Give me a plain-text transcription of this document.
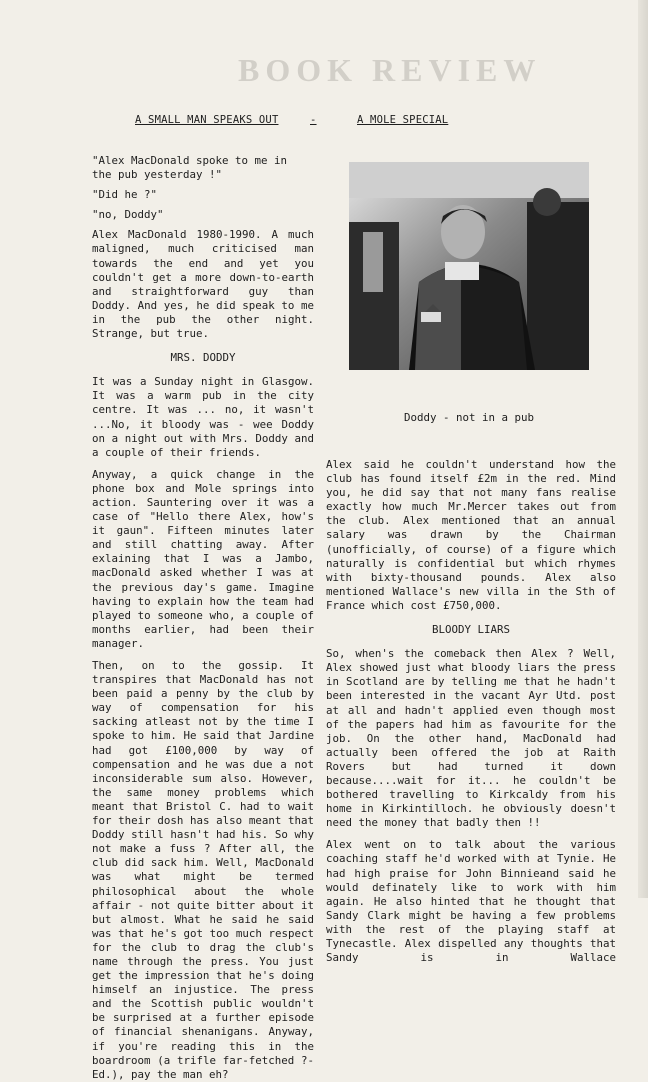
BOOK REVIEW
A SMALL MAN SPEAKS OUT	-	A MOLE SPECIAL

"Alex MacDonald spoke to me in the pub yesterday !"

"Did he ?"

"no, Doddy"

Alex MacDonald 1980-1990. A much maligned, much criticised man towards the end and yet you couldn't get a more down-to-earth and straightforward guy than Doddy. And yes, he did speak to me in the pub the other night. Strange, but true.

MRS. DODDY

It was a Sunday night in Glasgow. It was a warm pub in the city centre. It was ... no, it wasn't ...No, it bloody was - wee Doddy on a night out with Mrs. Doddy and a couple of their friends.

Anyway, a quick change in the phone box and Mole springs into action. Sauntering over it was a case of "Hello there Alex, how's it gaun". Fifteen minutes later and still chatting away. After exlaining that I was a Jambo, macDonald asked whether I was at the previous day's game. Imagine having to explain how the team had played to someone who, a couple of months earlier, had been their manager.

Then, on to the gossip. It transpires that MacDonald has not been paid a penny by the club by way of compensation for his sacking atleast not by the time I spoke to him. He said that Jardine had got £100,000 by way of compensation and he was due a not inconsiderable sum also. However, the same money problems which meant that Bristol C. had to wait for their dosh has also meant that Doddy still hasn't had his. So why not make a fuss ? After all, the club did sack him. Well, MacDonald was what might be termed philosophical about the whole affair - not quite bitter about it but almost. What he said he said was that he's got too much respect for the club to drag the club's name through the press. You just get the impression that he's doing himself an injustice. The press and the Scottish public wouldn't be surprised at a further episode of financial shenanigans. Anyway, if you're reading this in the boardroom (a trifle far-fetched ?-Ed.), pay the man eh?

Doddy - not in a pub

Alex said he couldn't understand how the club has found itself £2m in the red. Mind you, he did say that not many fans realise exactly how much Mr.Mercer takes out from the club. Alex mentioned that an annual salary was drawn by the Chairman (unofficially, of course) of a figure which naturally is confidential but which rhymes with bixty-thousand pounds. Alex also mentioned Wallace's new villa in the Sth of France which cost £750,000.

BLOODY LIARS

So, when's the comeback then Alex ? Well, Alex showed just what bloody liars the press in Scotland are by telling me that he hadn't been interested in the vacant Ayr Utd. post at all and hadn't applied even though most of the papers had him as favourite for the job. On the other hand, MacDonald had actually been offered the job at Raith Rovers but had turned it down because....wait for it... he couldn't be bothered travelling to Kirkcaldy from his home in Kirkintilloch. he obviously doesn't need the money that badly then !!

Alex went on to talk about the various coaching staff he'd worked with at Tynie. He had high praise for John Binnieand said he would definately like to work with him again. He also hinted that he thought that Sandy Clark might be having a few problems with the rest of the playing staff at Tynecastle. Alex dispelled any thoughts that Sandy is in Wallace
